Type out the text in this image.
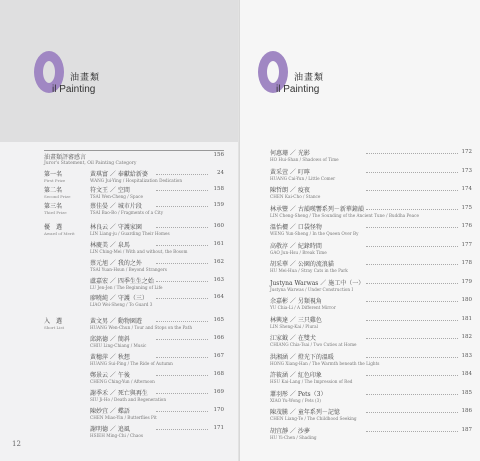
油畫類
il Painting
油畫類評審感言
Juror's Statement, Oil Painting Category
156
第一名
First Prize
第二名
Second Prize
第三名
Third Prize
優　選
Award of Merit
入　選
Short List
黃琪富 ／ 奉獻給新婆
WANG Jui-Ying / Hospitalization Dedication
24
符文王 ／ 空間
TSAI Wen-Cheng / Space
158
蔡佳晏 ／ 城市片段
TSAI Bao-Bo / Fragments of a City
159
林良云 ／ 守護家園
LIN Liang-ju / Guarding Their Homes
160
林慶美 ／ 泉馬
LIN Ching-Mei / With and without, the Bosom
161
蔡元旭 ／ 我的之外
TSAI Yuan-Hsun / Beyond Strangers
162
盧嘉宏 ／ 四季生生之始
LU Jen-Jen / The Beginning of Life
163
廖曉純 ／ 守護（三）
LIAO Wei-Sheng / To Guard 3
164
黃文男 ／ 動物園遊
HUANG Wen-Chun / Tour and Stops on the Path
165
邱銘德 ／ 簡斜
CHIU Ling-Chiang / Music
166
黃穗萍 ／ 秋想
HUANG Sui-Ping / The Ride of Autumn
167
鄭景云 ／ 午後
CHENG Ching-Yun / Afternoon
168
謝季禾 ／ 死亡與再生
SIU Ji-Ho / Death and Regeneration
169
陳妙宜 ／ 蝶語
CHEN Miao-Yin / Butterflies Pit
170
謝明德 ／ 追風
HSIEH Ming-Chi / Chaos
171
12
油畫類
il Painting
何惠珊 ／ 光影
HO Hui-Shan / Shadows of Time
172
黃采萱 ／ 叮嚀
HUANG Cai-Yun / Little Comer
173
陳哲朗 ／ 疫夜
CHEN Kai-Cho / Stance
174
林承豐 ／ 古韻嘆響系列－新華鐘韻
LIN Cheng-Sheng / The Sounding of the Ancient Tune / Buddha Peace
175
溫怡欐 ／ 口袋怪物
WENG Yun-Sheng / In the Queen Over By
176
高敬淳 ／ 紀錄時間
GAO Jun-Hsu / Break Time
177
胡采華 ／ 公園的流浪貓
HU Mei-Hua / Stray Cats in the Park
178
Justyna Warwas ／ 施工中（一）
Justyna Warwas / Under Construction I
179
余嘉彬 ／ 另類視角
YU Chia-Li / A Different Mirror
180
林興達 ／ 三只雞色
LIN Sheng-Kai / Plural
181
江家鉞 ／ 在雙犬
CHIANG Chia-Tsai / Two Cuties at Home
182
洪湘涵 ／ 燈光下的溫暖
HONG Xiang-Han / The Warmth beneath the Lights
183
許筱涵 ／ 紅色印象
HSU Kai-Lang / The Impression of Red
184
蕭羽彤 ／ Pets（3）
XIAO Yu-Wong / Pets (3)
185
陳茂騰 ／ 童年系列－記憶
CHEN Liang-Te / The Childhood Seeking
186
胡宜靜 ／ 沙夢
HU Yi-Chen / Shading
187
